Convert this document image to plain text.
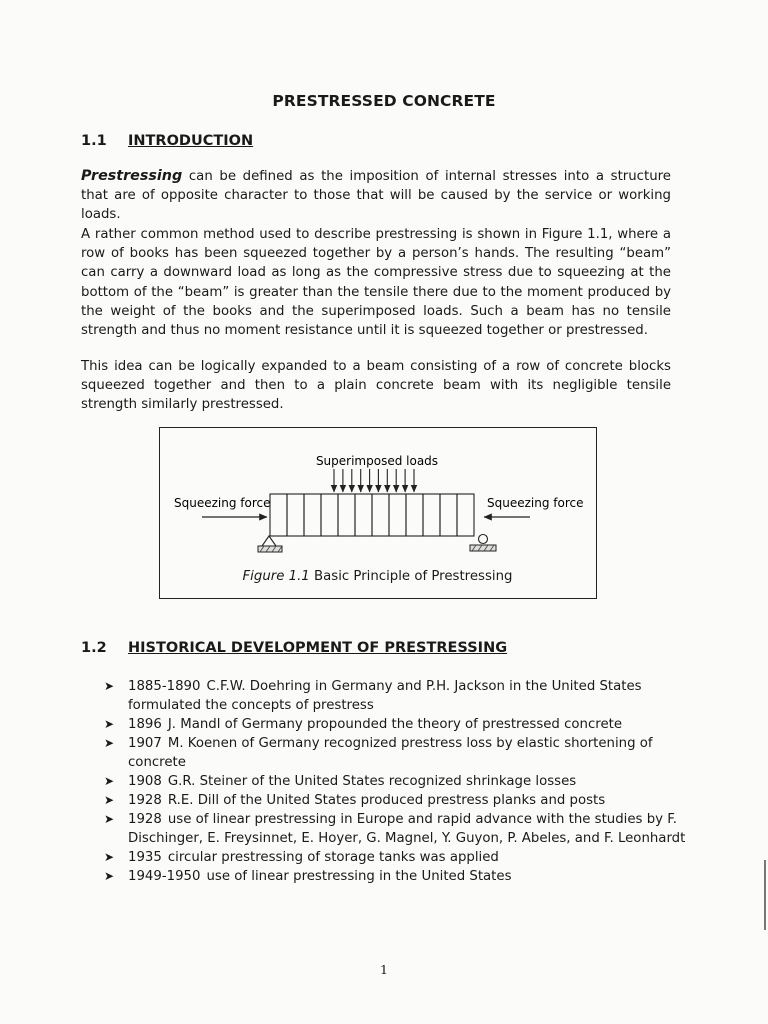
PRESTRESSED CONCRETE
1.1 INTRODUCTION

Prestressing can be defined as the imposition of internal stresses into a structure that are of opposite character to those that will be caused by the service or working loads.

A rather common method used to describe prestressing is shown in Figure 1.1, where a row of books has been squeezed together by a person’s hands. The resulting “beam” can carry a downward load as long as the compressive stress due to squeezing at the bottom of the “beam” is greater than the tensile there due to the moment produced by the weight of the books and the superimposed loads. Such a beam has no tensile strength and thus no moment resistance until it is squeezed together or prestressed.

This idea can be logically expanded to a beam consisting of a row of concrete blocks squeezed together and then to a plain concrete beam with its negligible tensile strength similarly prestressed.

Superimposed loads
Squeezing force	Squeezing force
Figure 1.1 Basic Principle of Prestressing
1.2 HISTORICAL DEVELOPMENT OF PRESTRESSING
➤ 1885-1890 C.F.W. Doehring in Germany and P.H. Jackson in the United States formulated the concepts of prestress
➤ 1896 J. Mandl of Germany propounded the theory of prestressed concrete
➤ 1907 M. Koenen of Germany recognized prestress loss by elastic shortening of concrete
➤ 1908 G.R. Steiner of the United States recognized shrinkage losses
➤ 1928 R.E. Dill of the United States produced prestress planks and posts
➤ 1928 use of linear prestressing in Europe and rapid advance with the studies by F. Dischinger, E. Freysinnet, E. Hoyer, G. Magnel, Y. Guyon, P. Abeles, and F. Leonhardt
➤ 1935 circular prestressing of storage tanks was applied
➤ 1949-1950 use of linear prestressing in the United States
1
